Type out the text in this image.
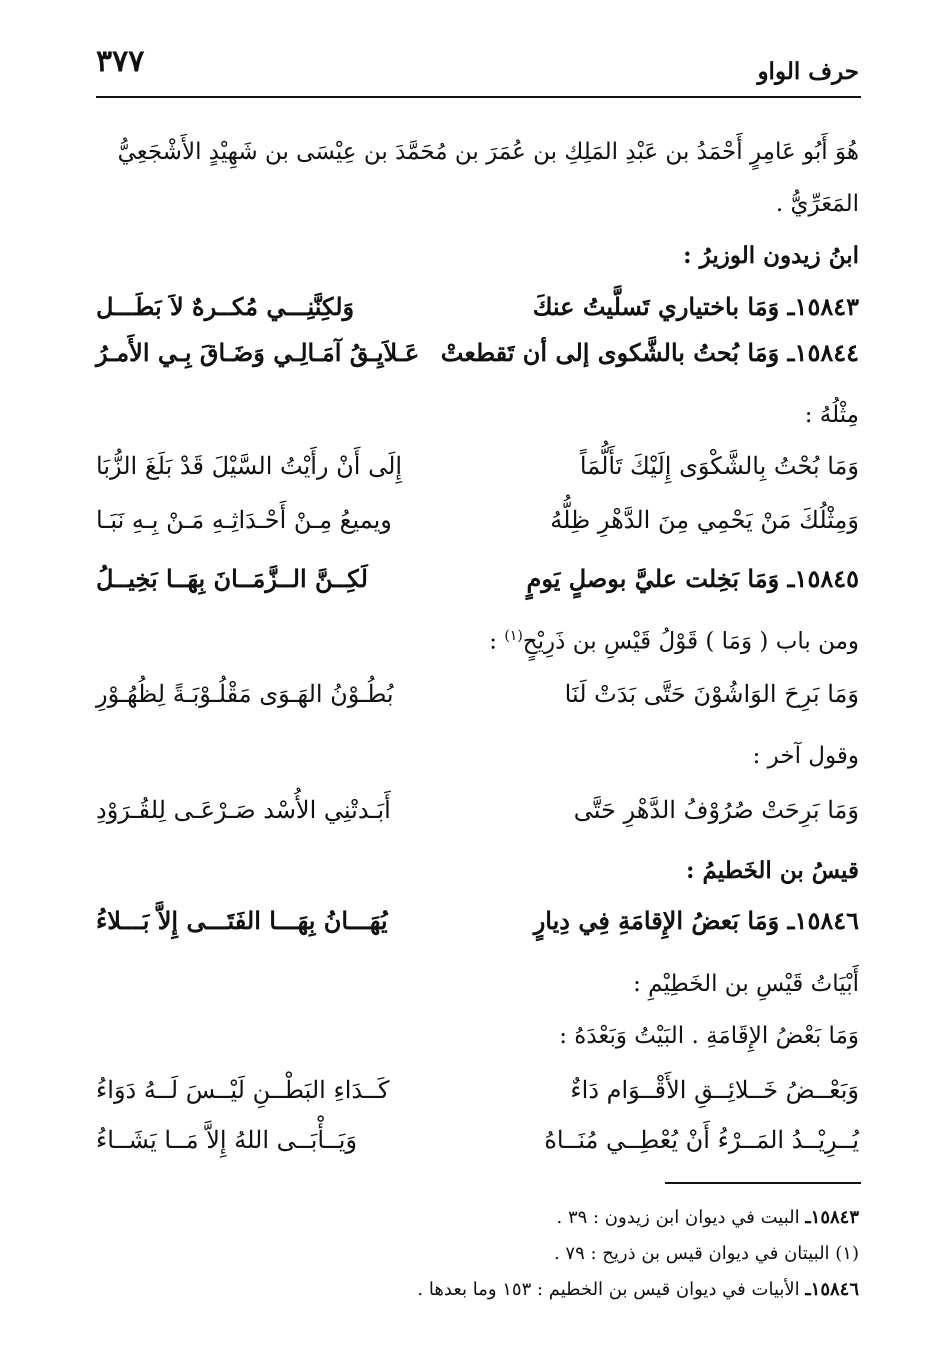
حرف الواو
٣٧٧
هُوَ أَبُو عَامِرٍ أَحْمَدُ بن عَبْدِ المَلِكِ بن عُمَرَ بن مُحَمَّدَ بن عِيْسَى بن شَهِيْدٍ الأَشْجَعِيُّ
المَعَرِّيُّ .
ابنُ زيدون الوزيرُ :
١٥٨٤٣ـ وَمَا باختياري تَسلَّيتُ عنكَ
وَلكِنَّنِـــي مُكــرهٌ لاَ بَطَـــل
١٥٨٤٤ـ وَمَا بُحتُ بالشَّكوى إلى أن تَقطعتْ
عَـلاَيِـقُ آمَـالِـي وَضَـاقَ بِـي الأَمـرُ
مِثْلُهُ :
وَمَا بُحْتُ بِالشَّكْوَى إِلَيْكَ تَأَلُّمَاً
إِلَى أَنْ رأَيْتُ السَّيْلَ قَدْ بَلَغَ الزُّبَا
وَمِثْلُكَ مَنْ يَحْمِي مِنَ الدَّهْرِ ظِلُّهُ
ويميعُ مِـنْ أَحْـدَاثِـهِ مَـنْ بِـهِ نَبَـا
١٥٨٤٥ـ وَمَا بَخِلت عليَّ بوصلٍ يَومٍ
لَكِــنَّ الــزَّمَــانَ بِهَــا بَخِيــلُ
ومن باب ( وَمَا ) قَوْلُ قَيْسِ بن ذَرِيْحٍ$^{(١)}$ :
وَمَا بَرِحَ الوَاشُوْنَ حَتَّى بَدَتْ لَنَا
بُطُـوْنُ الهَـوَى مَقْلُـوْبَـةً لِظُهُـوْرِ
وقول آخر :
وَمَا بَرِحَتْ صُرُوْفُ الدَّهْرِ حَتَّى
أَبَـدتْنِي الأُسْد صَـرْعَـى لِلقُـرَوْدِ
قيسُ بن الخَطيمُ :
١٥٨٤٦ـ وَمَا بَعضُ الإِقامَةِ فِي دِيارٍ
يُهَـــانُ بِهَـــا الفَتَـــى إِلاَّ بَـــلاءُ
أَبْيَاتُ قَيْسِ بن الخَطِيْمِ :
وَمَا بَعْضُ الإِقَامَةِ . البَيْتُ وَبَعْدَهُ :
وَبَعْــضُ خَــلائِــقِ الأَقْــوَام دَاءٌ
كَــدَاءِ البَطْــنِ لَيْــسَ لَــهُ دَوَاءُ
يُــرِيْــدُ المَــرْءُ أَنْ يُعْطِــي مُنَــاهُ
وَيَــأْبَــى اللهُ إِلاَّ مَــا يَشَــاءُ
١٥٨٤٣ـ البيت في ديوان ابن زيدون : ٣٩ .
(١) البيتان في ديوان قيس بن ذريح : ٧٩ .
١٥٨٤٦ـ الأبيات في ديوان قيس بن الخطيم : ١٥٣ وما بعدها .
